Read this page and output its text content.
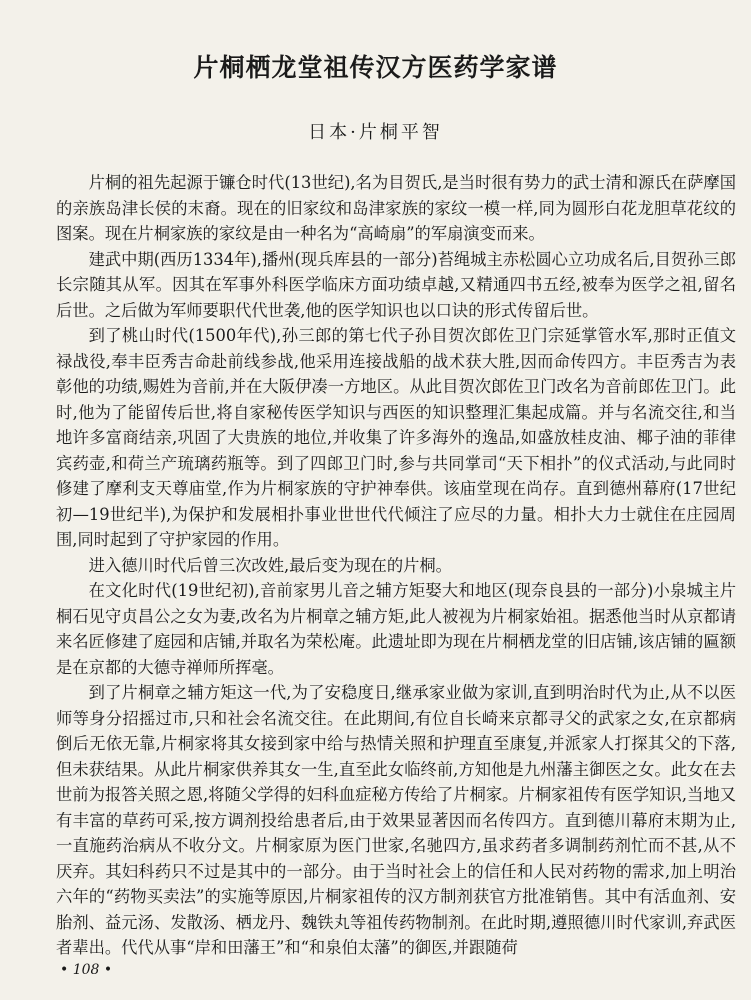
片桐栖龙堂祖传汉方医药学家谱
日本·片桐平智

片桐的祖先起源于镰仓时代(13世纪),名为目贺氏,是当时很有势力的武士清和源氏在萨摩国的亲族岛津长侯的末裔。现在的旧家纹和岛津家族的家纹一模一样,同为圆形白花龙胆草花纹的图案。现在片桐家族的家纹是由一种名为“高崎扇”的军扇演变而来。

建武中期(西历1334年),播州(现兵库县的一部分)苔绳城主赤松圆心立功成名后,目贺孙三郎长宗随其从军。因其在军事外科医学临床方面功绩卓越,又精通四书五经,被奉为医学之祖,留名后世。之后做为军师要职代代世袭,他的医学知识也以口诀的形式传留后世。

到了桃山时代(1500年代),孙三郎的第七代子孙目贺次郎佐卫门宗延掌管水军,那时正值文禄战役,奉丰臣秀吉命赴前线参战,他采用连接战船的战术获大胜,因而命传四方。丰臣秀吉为表彰他的功绩,赐姓为音前,并在大阪伊凑一方地区。从此目贺次郎佐卫门改名为音前郎佐卫门。此时,他为了能留传后世,将自家秘传医学知识与西医的知识整理汇集起成篇。并与名流交往,和当地许多富商结亲,巩固了大贵族的地位,并收集了许多海外的逸品,如盛放桂皮油、椰子油的菲律宾药壶,和荷兰产琉璃药瓶等。到了四郎卫门时,参与共同掌司“天下相扑”的仪式活动,与此同时修建了摩利支天尊庙堂,作为片桐家族的守护神奉供。该庙堂现在尚存。直到德州幕府(17世纪初—19世纪半),为保护和发展相扑事业世世代代倾注了应尽的力量。相扑大力士就住在庄园周围,同时起到了守护家园的作用。

进入德川时代后曾三次改姓,最后变为现在的片桐。

在文化时代(19世纪初),音前家男儿音之辅方矩娶大和地区(现奈良县的一部分)小泉城主片桐石见守贞昌公之女为妻,改名为片桐章之辅方矩,此人被视为片桐家始祖。据悉他当时从京都请来名匠修建了庭园和店铺,并取名为荣松庵。此遗址即为现在片桐栖龙堂的旧店铺,该店铺的匾额是在京都的大德寺禅师所挥毫。

到了片桐章之辅方矩这一代,为了安稳度日,继承家业做为家训,直到明治时代为止,从不以医师等身分招摇过市,只和社会名流交往。在此期间,有位自长崎来京都寻父的武家之女,在京都病倒后无依无靠,片桐家将其女接到家中给与热情关照和护理直至康复,并派家人打探其父的下落,但未获结果。从此片桐家供养其女一生,直至此女临终前,方知他是九州藩主御医之女。此女在去世前为报答关照之恩,将随父学得的妇科血症秘方传给了片桐家。片桐家祖传有医学知识,当地又有丰富的草药可采,按方调剂投给患者后,由于效果显著因而名传四方。直到德川幕府末期为止,一直施药治病从不收分文。片桐家原为医门世家,名驰四方,虽求药者多调制药剂忙而不甚,从不厌弃。其妇科药只不过是其中的一部分。由于当时社会上的信任和人民对药物的需求,加上明治六年的“药物买卖法”的实施等原因,片桐家祖传的汉方制剂获官方批准销售。其中有活血剂、安胎剂、益元汤、发散汤、栖龙丹、魏铁丸等祖传药物制剂。在此时期,遵照德川时代家训,弃武医者辈出。代代从事“岸和田藩王”和“和泉伯太藩”的御医,并跟随荷

• 108 •
